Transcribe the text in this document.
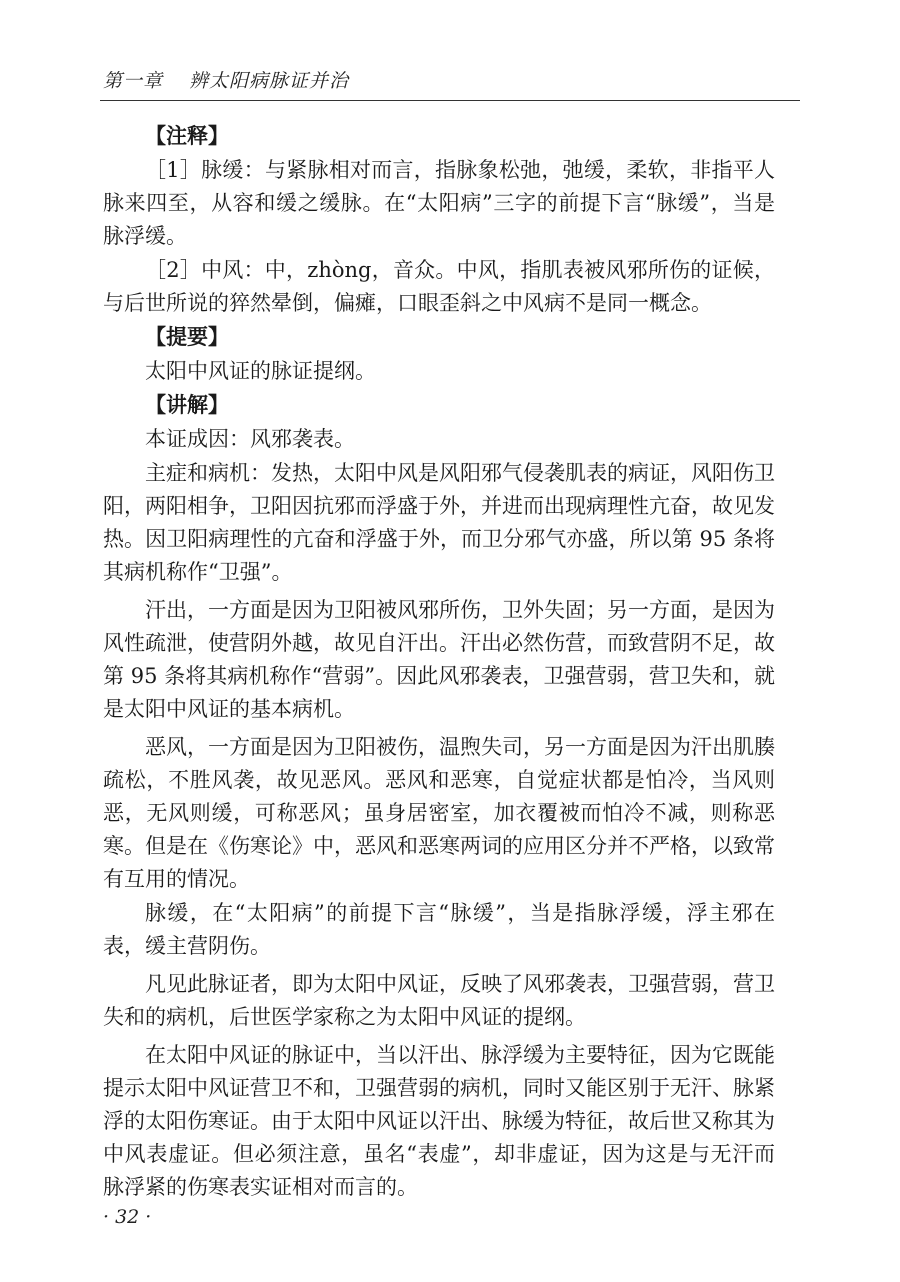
第一章 辨太阳病脉证并治

【注释】

［1］脉缓：与紧脉相对而言，指脉象松弛，弛缓，柔软，非指平人脉来四至，从容和缓之缓脉。在“太阳病”三字的前提下言“脉缓”，当是脉浮缓。

［2］中风：中，zhòng，音众。中风，指肌表被风邪所伤的证候，与后世所说的猝然晕倒，偏瘫，口眼歪斜之中风病不是同一概念。

【提要】

太阳中风证的脉证提纲。

【讲解】

本证成因：风邪袭表。

主症和病机：发热，太阳中风是风阳邪气侵袭肌表的病证，风阳伤卫阳，两阳相争，卫阳因抗邪而浮盛于外，并进而出现病理性亢奋，故见发热。因卫阳病理性的亢奋和浮盛于外，而卫分邪气亦盛，所以第 95 条将其病机称作“卫强”。

汗出，一方面是因为卫阳被风邪所伤，卫外失固；另一方面，是因为风性疏泄，使营阴外越，故见自汗出。汗出必然伤营，而致营阴不足，故第 95 条将其病机称作“营弱”。因此风邪袭表，卫强营弱，营卫失和，就是太阳中风证的基本病机。

恶风，一方面是因为卫阳被伤，温煦失司，另一方面是因为汗出肌腠疏松，不胜风袭，故见恶风。恶风和恶寒，自觉症状都是怕冷，当风则恶，无风则缓，可称恶风；虽身居密室，加衣覆被而怕冷不减，则称恶寒。但是在《伤寒论》中，恶风和恶寒两词的应用区分并不严格，以致常有互用的情况。

脉缓，在“太阳病”的前提下言“脉缓”，当是指脉浮缓，浮主邪在表，缓主营阴伤。

凡见此脉证者，即为太阳中风证，反映了风邪袭表，卫强营弱，营卫失和的病机，后世医学家称之为太阳中风证的提纲。

在太阳中风证的脉证中，当以汗出、脉浮缓为主要特征，因为它既能提示太阳中风证营卫不和，卫强营弱的病机，同时又能区别于无汗、脉紧浮的太阳伤寒证。由于太阳中风证以汗出、脉缓为特征，故后世又称其为中风表虚证。但必须注意，虽名“表虚”，却非虚证，因为这是与无汗而脉浮紧的伤寒表实证相对而言的。

· 32 ·
